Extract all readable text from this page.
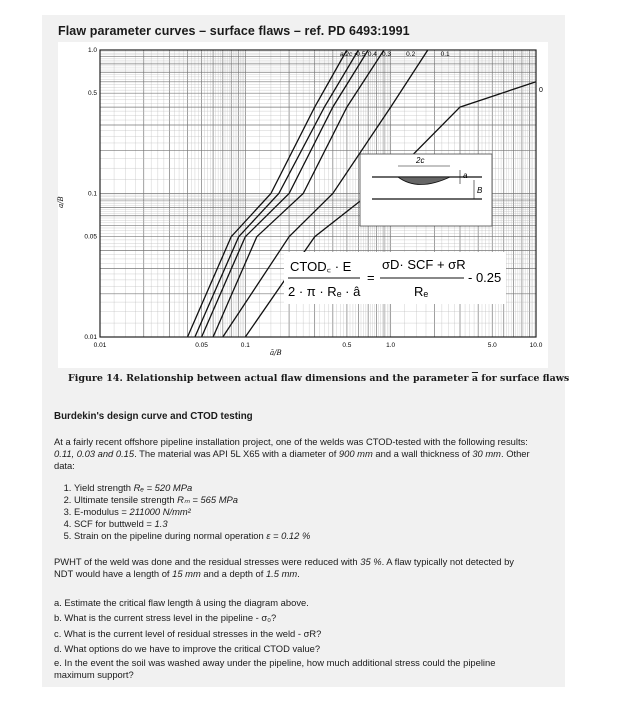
Flaw parameter curves – surface flaws – ref. PD 6493:1991
0.01	0.05	0.1	0.5	1.0	5.0	10.0
1.0
0.5
0.1
0.05
0.01
0.5 0.4 0.3 0.2	0.1
2c
a
B
CTOD꜀ · E
2 · π · Rₑ · â
=
σD· SCF + σR
Rₑ
- 0.25
a/B
ā/B
a/2c =
0
Figure 14. Relationship between actual flaw dimensions and the parameter $\overline{a}$ for surface flaws
Burdekin's design curve and CTOD testing
At a fairly recent offshore pipeline installation project, one of the welds was CTOD-tested with the following results: 0.11, 0.03 and 0.15. The material was API 5L X65 with a diameter of 900 mm and a wall thickness of 30 mm. Other data:
1. Yield strength Rₑ = 520 MPa
2. Ultimate tensile strength Rₘ = 565 MPa
3. E-modulus = 211000 N/mm²
4. SCF for buttweld = 1.3
5. Strain on the pipeline during normal operation ε = 0.12 %
PWHT of the weld was done and the residual stresses were reduced with 35 %. A flaw typically not detected by NDT would have a length of 15 mm and a depth of 1.5 mm.
a. Estimate the critical flaw length â using the diagram above.
b. What is the current stress level in the pipeline - σ₀?
c. What is the current level of residual stresses in the weld - σR?
d. What options do we have to improve the critical CTOD value?
e. In the event the soil was washed away under the pipeline, how much additional stress could the pipeline maximum support?
